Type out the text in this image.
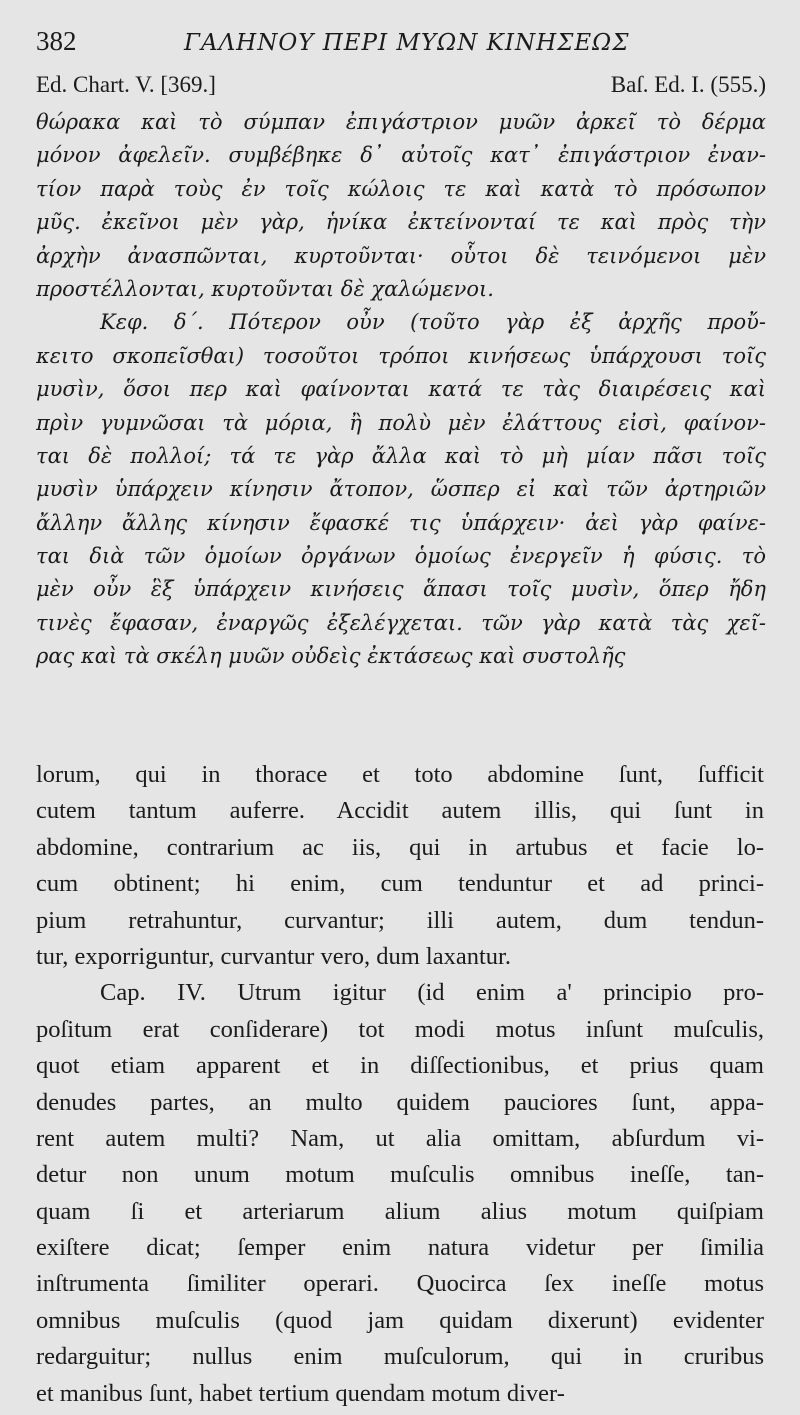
382	ΓΑΛΗΝΟΥ ΠΕΡΙ ΜΥΩΝ ΚΙΝΗΣΕΩΣ
Ed. Chart. V. [369.]	Baſ. Ed. I. (555.)
θώρακα καὶ τὸ σύμπαν ἐπιγάστριον μυῶν ἀρκεῖ τὸ δέρμα
μόνον ἀφελεῖν. συμβέβηκε δ᾽ αὐτοῖς κατ᾽ ἐπιγάστριον ἐναν-
τίον παρὰ τοὺς ἐν τοῖς κώλοις τε καὶ κατὰ τὸ πρόσωπον
μῦς. ἐκεῖνοι μὲν γὰρ, ἡνίκα ἐκτείνονταί τε καὶ πρὸς τὴν
ἀρχὴν ἀνασπῶνται, κυρτοῦνται· οὗτοι δὲ τεινόμενοι μὲν
προστέλλονται, κυρτοῦνται δὲ χαλώμενοι.
Κεφ. δ΄. Πότερον οὖν (τοῦτο γὰρ ἐξ ἀρχῆς προὔ-
κειτο σκοπεῖσθαι) τοσοῦτοι τρόποι κινήσεως ὑπάρχουσι τοῖς
μυσὶν, ὅσοι περ καὶ φαίνονται κατά τε τὰς διαιρέσεις καὶ
πρὶν γυμνῶσαι τὰ μόρια, ἢ πολὺ μὲν ἐλάττους εἰσὶ, φαίνον-
ται δὲ πολλοί; τά τε γὰρ ἄλλα καὶ τὸ μὴ μίαν πᾶσι τοῖς
μυσὶν ὑπάρχειν κίνησιν ἄτοπον, ὥσπερ εἰ καὶ τῶν ἀρτηριῶν
ἄλλην ἄλλης κίνησιν ἔφασκέ τις ὑπάρχειν· ἀεὶ γὰρ φαίνε-
ται διὰ τῶν ὁμοίων ὀργάνων ὁμοίως ἐνεργεῖν ἡ φύσις. τὸ
μὲν οὖν ἓξ ὑπάρχειν κινήσεις ἅπασι τοῖς μυσὶν, ὅπερ ἤδη
τινὲς ἔφασαν, ἐναργῶς ἐξελέγχεται. τῶν γὰρ κατὰ τὰς χεῖ-
ρας καὶ τὰ σκέλη μυῶν οὐδεὶς ἐκτάσεως καὶ συστολῆς
lorum, qui in thorace et toto abdomine ſunt, ſufficit
cutem tantum auferre. Accidit autem illis, qui ſunt in
abdomine, contrarium ac iis, qui in artubus et facie lo-
cum obtinent; hi enim, cum tenduntur et ad princi-
pium retrahuntur, curvantur; illi autem, dum tendun-
tur, exporriguntur, curvantur vero, dum laxantur.
Cap. IV. Utrum igitur (id enim a' principio pro-
poſitum erat conſiderare) tot modi motus inſunt muſculis,
quot etiam apparent et in diſſectionibus, et prius quam
denudes partes, an multo quidem pauciores ſunt, appa-
rent autem multi? Nam, ut alia omittam, abſurdum vi-
detur non unum motum muſculis omnibus ineſſe, tan-
quam ſi et arteriarum alium alius motum quiſpiam
exiſtere dicat; ſemper enim natura videtur per ſimilia
inſtrumenta ſimiliter operari. Quocirca ſex ineſſe motus
omnibus muſculis (quod jam quidam dixerunt) evidenter
redarguitur; nullus enim muſculorum, qui in cruribus
et manibus ſunt, habet tertium quendam motum diver-
